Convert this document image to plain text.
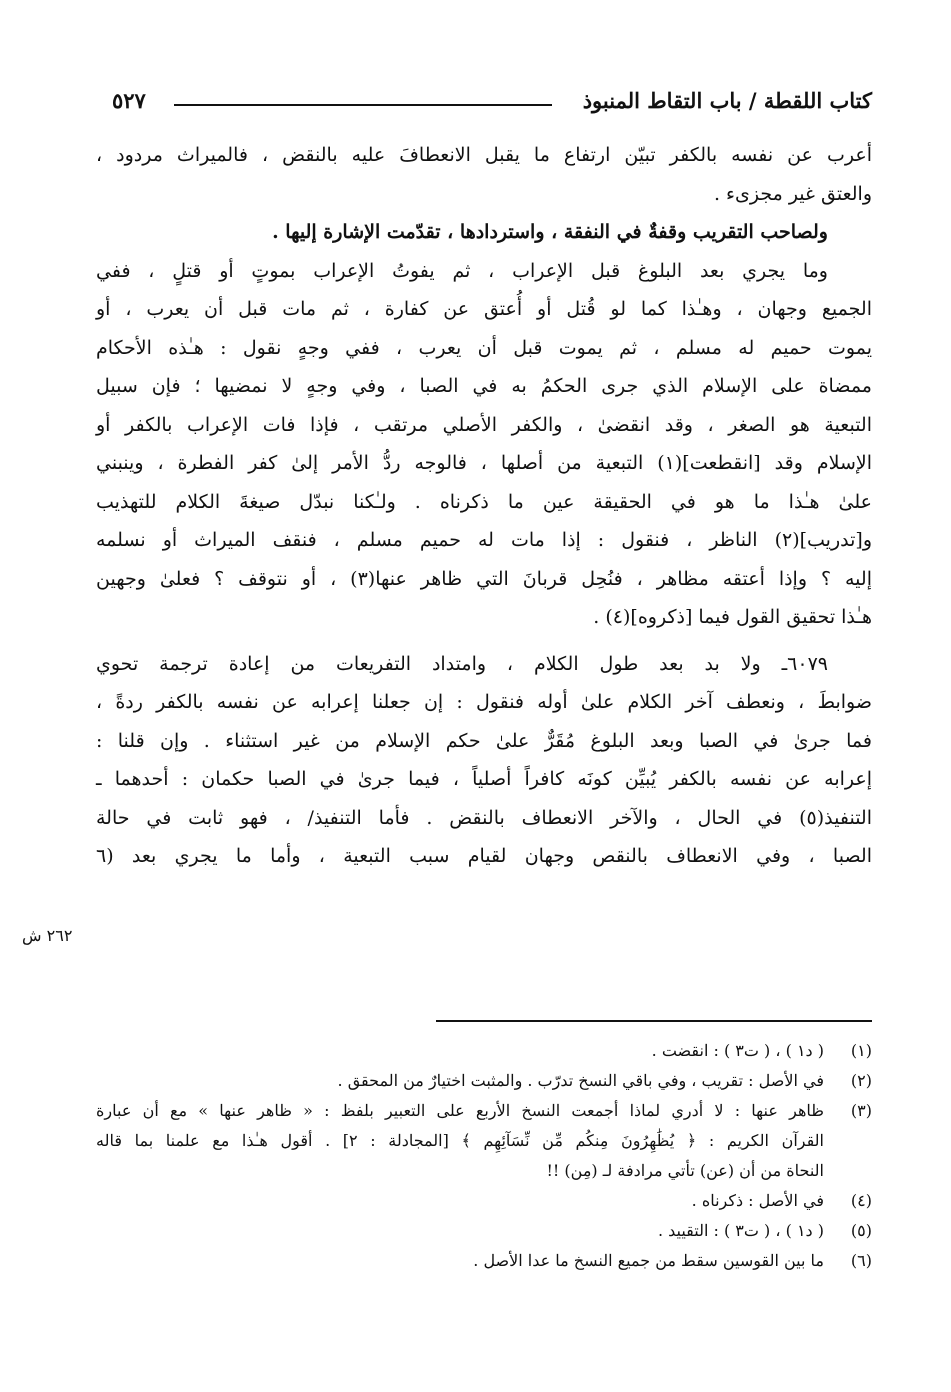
كتاب اللقطة / باب التقاط المنبوذ
٥٢٧
أعرب عن نفسه بالكفر تبيّن ارتفاع ما يقبل الانعطافَ عليه بالنقض ، فالميراث مردود ،
والعتق غير مجزىء .
ولصاحب التقريب وقفةٌ في النفقة ، واستردادها ، تقدّمت الإشارة إليها .
وما يجري بعد البلوغ قبل الإعراب ، ثم يفوتُ الإعراب بموتٍ أو قتلٍ ، ففي
الجميع وجهان ، وهـٰذا كما لو قُتل أو أُعتق عن كفارة ، ثم مات قبل أن يعرب ، أو
يموت حميم له مسلم ، ثم يموت قبل أن يعرب ، ففي وجهٍ نقول : هـٰذه الأحكام
ممضاة على الإسلام الذي جرى الحكمُ به في الصبا ، وفي وجهٍ لا نمضيها ؛ فإن سبيل
التبعية هو الصغر ، وقد انقضىٰ ، والكفر الأصلي مرتقب ، فإذا فات الإعراب بالكفر أو
الإسلام وقد [انقطعت](١) التبعية من أصلها ، فالوجه ردُّ الأمر إلىٰ كفر الفطرة ، وينبني
علىٰ هـٰذا ما هو في الحقيقة عين ما ذكرناه . ولـٰكنا نبدّل صيغةَ الكلام للتهذيب
و[تدريب](٢) الناظر ، فنقول : إذا مات له حميم مسلم ، فنقف الميراث أو نسلمه
إليه ؟ وإذا أعتقه مظاهر ، فنُحِل قربانَ التي ظاهر عنها(٣) ، أو نتوقف ؟ فعلىٰ وجهين
هـٰذا تحقيق القول فيما [ذكروه](٤) .
٦٠٧٩ـ ولا بد بعد طول الكلام ، وامتداد التفريعات من إعادة ترجمة تحوي
ضوابطَ ، ونعطف آخر الكلام علىٰ أوله فنقول : إن جعلنا إعرابه عن نفسه بالكفر ردةً ،
فما جرىٰ في الصبا وبعد البلوغ مُقَرٌّ علىٰ حكم الإسلام من غير استثناء . وإن قلنا :
إعرابه عن نفسه بالكفر يُبيِّن كونَه كافراً أصلياً ، فيما جرىٰ في الصبا حكمان : أحدهما ـ
التنفيذ(٥) في الحال ، والآخر الانعطاف بالنقض . فأما التنفيذ/ ، فهو ثابت في حالة
الصبا ، وفي الانعطاف بالنقص وجهان لقيام سبب التبعية ، وأما ما يجري بعد (٦
٢٦٢ ش
(١)
( د١ ) ، ( ت٣ ) : انقضت .
(٢)
في الأصل : تقريب ، وفي باقي النسخ تدرّب . والمثبت اختيارٌ من المحقق .
(٣)
ظاهر عنها : لا أدري لماذا أجمعت النسخ الأربع على التعبير بلفظ : « ظاهر عنها » مع أن عبارة
القرآن الكريم : ﴿ يُظَٰهِرُونَ مِنكُم مِّن نِّسَآئِهِم ﴾ [المجادلة : ٢] . أقول هـٰذا مع علمنا بما قاله
النحاة من أن (عن) تأتي مرادفة لـ (مِن) !!
(٤)
في الأصل : ذكرناه .
(٥)
( د١ ) ، ( ت٣ ) : التقييد .
(٦)
ما بين القوسين سقط من جميع النسخ ما عدا الأصل .
